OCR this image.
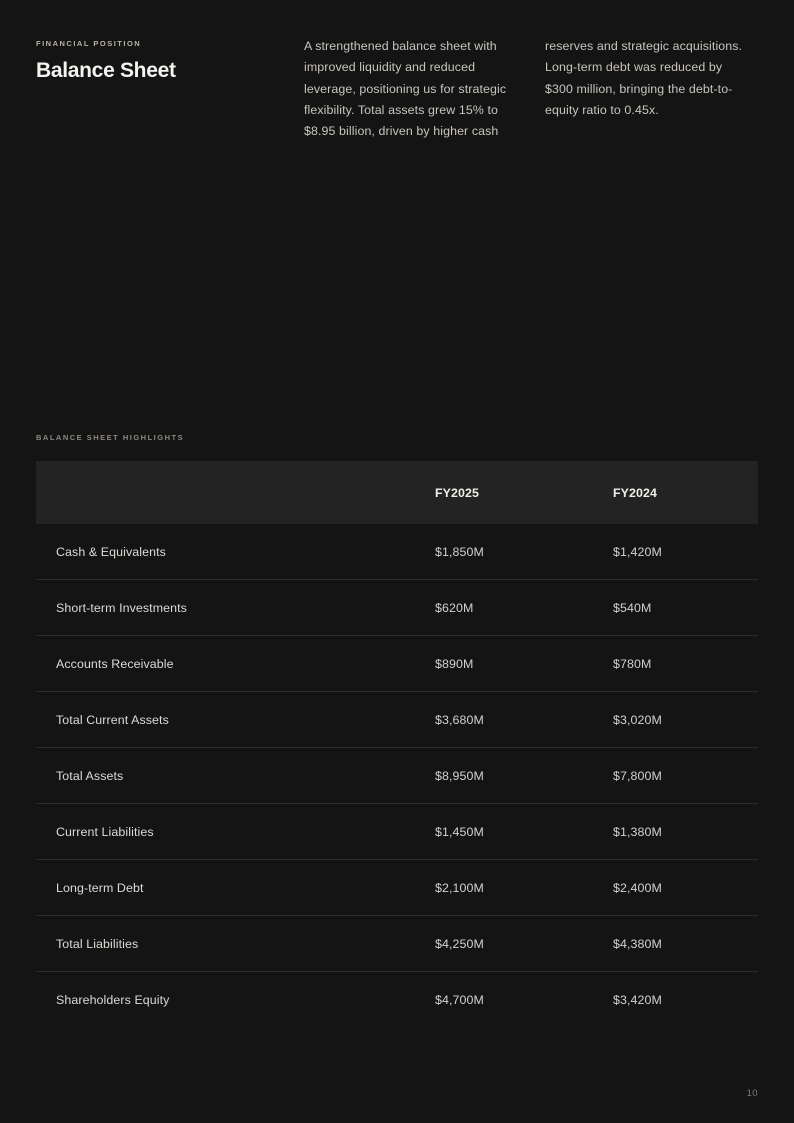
FINANCIAL POSITION
Balance Sheet
A strengthened balance sheet with improved liquidity and reduced leverage, positioning us for strategic flexibility. Total assets grew 15% to $8.95 billion, driven by higher cash
reserves and strategic acquisitions. Long-term debt was reduced by $300 million, bringing the debt-to-equity ratio to 0.45x.
BALANCE SHEET HIGHLIGHTS
	FY2025	FY2024
Cash & Equivalents	$1,850M	$1,420M
Short-term Investments	$620M	$540M
Accounts Receivable	$890M	$780M
Total Current Assets	$3,680M	$3,020M
Total Assets	$8,950M	$7,800M
Current Liabilities	$1,450M	$1,380M
Long-term Debt	$2,100M	$2,400M
Total Liabilities	$4,250M	$4,380M
Shareholders Equity	$4,700M	$3,420M
10
